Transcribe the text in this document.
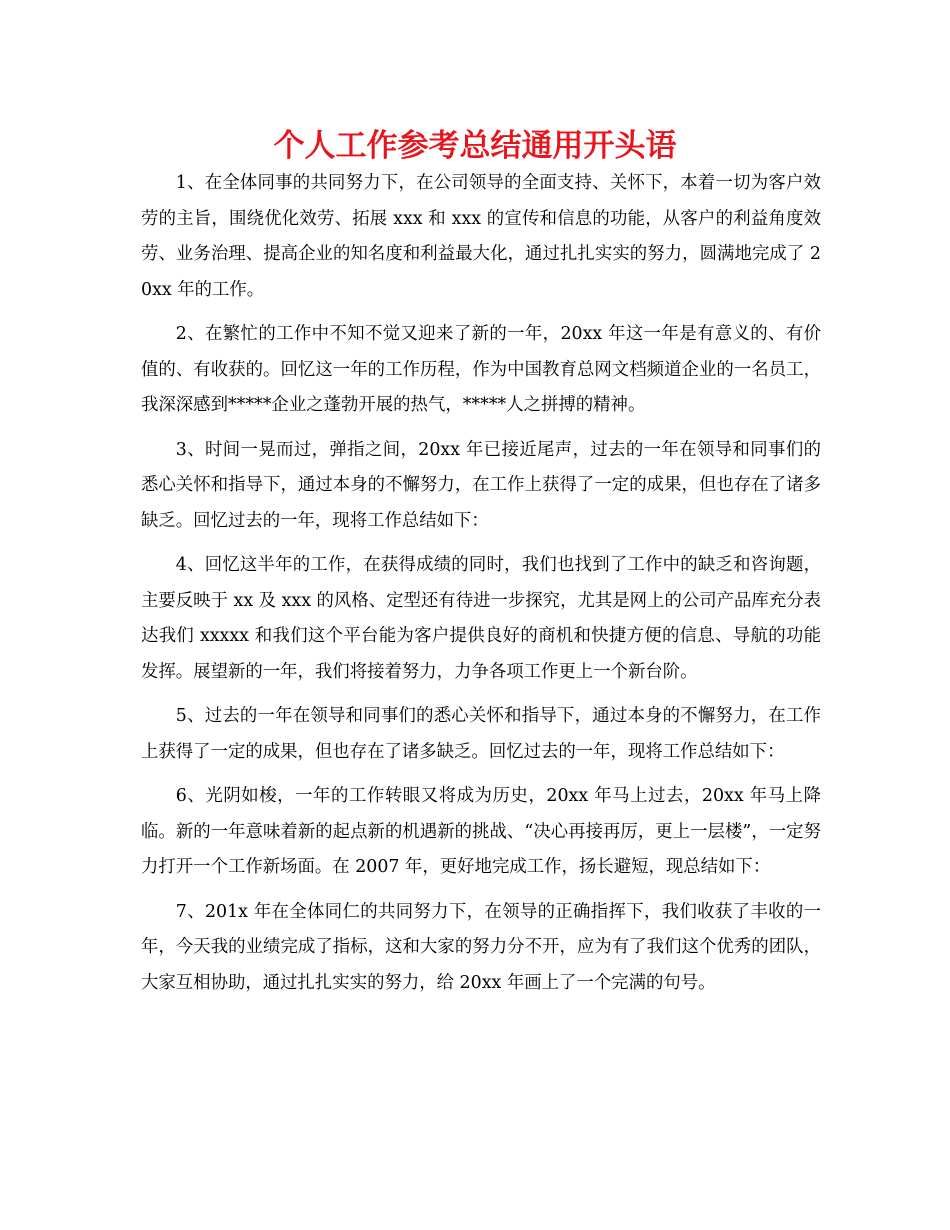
个人工作参考总结通用开头语

1、在全体同事的共同努力下，在公司领导的全面支持、关怀下，本着一切为客户效劳的主旨，围绕优化效劳、拓展 xxx 和 xxx 的宣传和信息的功能，从客户的利益角度效劳、业务治理、提高企业的知名度和利益最大化，通过扎扎实实的努力，圆满地完成了 20xx 年的工作。

2、在繁忙的工作中不知不觉又迎来了新的一年，20xx 年这一年是有意义的、有价值的、有收获的。回忆这一年的工作历程，作为中国教育总网文档频道企业的一名员工，我深深感到*****企业之蓬勃开展的热气，*****人之拼搏的精神。

3、时间一晃而过，弹指之间，20xx 年已接近尾声，过去的一年在领导和同事们的悉心关怀和指导下，通过本身的不懈努力，在工作上获得了一定的成果，但也存在了诸多缺乏。回忆过去的一年，现将工作总结如下：

4、回忆这半年的工作，在获得成绩的同时，我们也找到了工作中的缺乏和咨询题，主要反映于 xx 及 xxx 的风格、定型还有待进一步探究，尤其是网上的公司产品库充分表达我们 xxxxx 和我们这个平台能为客户提供良好的商机和快捷方便的信息、导航的功能发挥。展望新的一年，我们将接着努力，力争各项工作更上一个新台阶。

5、过去的一年在领导和同事们的悉心关怀和指导下，通过本身的不懈努力，在工作上获得了一定的成果，但也存在了诸多缺乏。回忆过去的一年，现将工作总结如下：

6、光阴如梭，一年的工作转眼又将成为历史，20xx 年马上过去，20xx 年马上降临。新的一年意味着新的起点新的机遇新的挑战、“决心再接再厉，更上一层楼”，一定努力打开一个工作新场面。在 2007 年，更好地完成工作，扬长避短，现总结如下：

7、201x 年在全体同仁的共同努力下，在领导的正确指挥下，我们收获了丰收的一年，今天我的业绩完成了指标，这和大家的努力分不开，应为有了我们这个优秀的团队，大家互相协助，通过扎扎实实的努力，给 20xx 年画上了一个完满的句号。
